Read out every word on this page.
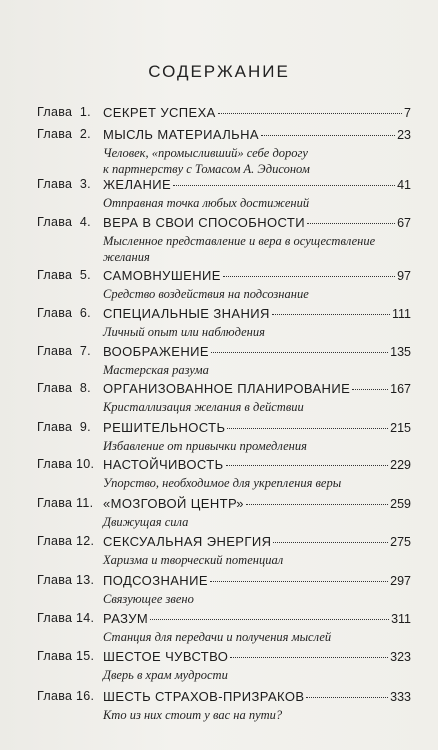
СОДЕРЖАНИЕ
Глава  1. СЕКРЕТ УСПЕХА	7
Глава  2. МЫСЛЬ МАТЕРИАЛЬНА	23
Человек, «промысливший» себе дорогу
к партнерству с Томасом А. Эдисоном
Глава  3. ЖЕЛАНИЕ	41
Отправная точка любых достижений
Глава  4. ВЕРА В СВОИ СПОСОБНОСТИ	67
Мысленное представление и вера в осуществление
желания
Глава  5. САМОВНУШЕНИЕ	97
Средство воздействия на подсознание
Глава  6. СПЕЦИАЛЬНЫЕ ЗНАНИЯ	111
Личный опыт или наблюдения
Глава  7. ВООБРАЖЕНИЕ	135
Мастерская разума
Глава  8. ОРГАНИЗОВАННОЕ ПЛАНИРОВАНИЕ	167
Кристаллизация желания в действии
Глава  9. РЕШИТЕЛЬНОСТЬ	215
Избавление от привычки промедления
Глава 10. НАСТОЙЧИВОСТЬ	229
Упорство, необходимое для укрепления веры
Глава 11. «МОЗГОВОЙ ЦЕНТР»	259
Движущая сила
Глава 12. СЕКСУАЛЬНАЯ ЭНЕРГИЯ	275
Харизма и творческий потенциал
Глава 13. ПОДСОЗНАНИЕ	297
Связующее звено
Глава 14. РАЗУМ	311
Станция для передачи и получения мыслей
Глава 15. ШЕСТОЕ ЧУВСТВО	323
Дверь в храм мудрости
Глава 16. ШЕСТЬ СТРАХОВ-ПРИЗРАКОВ	333
Кто из них стоит у вас на пути?
